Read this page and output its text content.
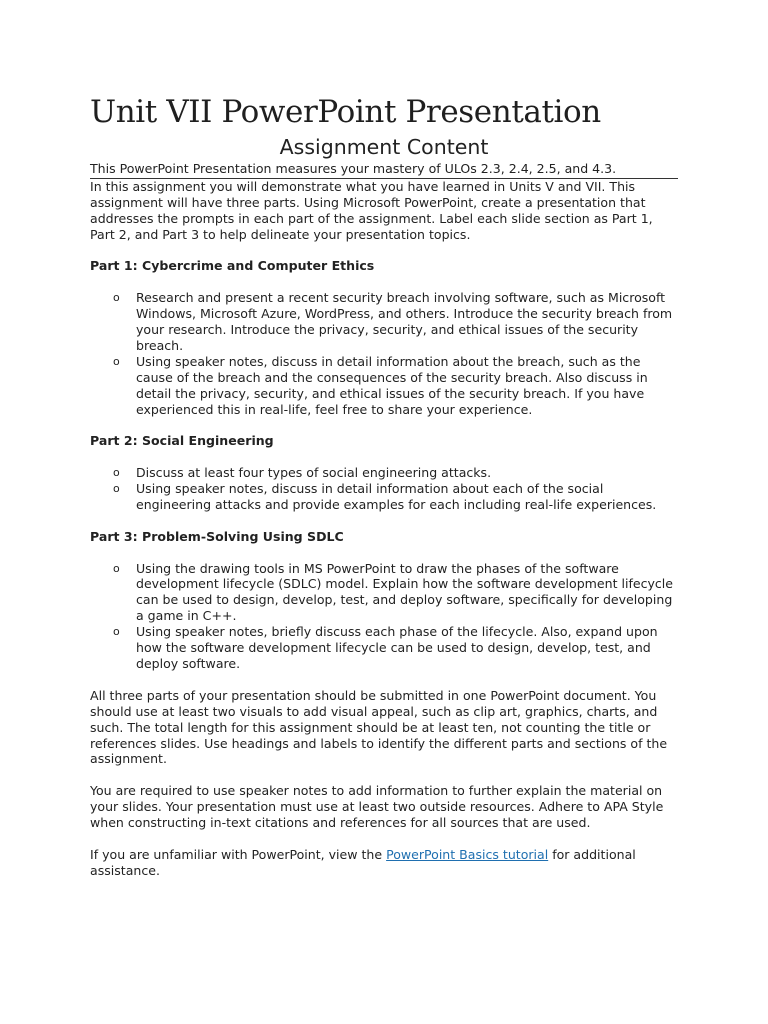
Unit VII PowerPoint Presentation
Assignment Content

This PowerPoint Presentation measures your mastery of ULOs 2.3, 2.4, 2.5, and 4.3.

In this assignment you will demonstrate what you have learned in Units V and VII. This assignment will have three parts. Using Microsoft PowerPoint, create a presentation that addresses the prompts in each part of the assignment. Label each slide section as Part 1, Part 2, and Part 3 to help delineate your presentation topics.

Part 1: Cybercrime and Computer Ethics

o Research and present a recent security breach involving software, such as Microsoft Windows, Microsoft Azure, WordPress, and others. Introduce the security breach from your research. Introduce the privacy, security, and ethical issues of the security breach.
o Using speaker notes, discuss in detail information about the breach, such as the cause of the breach and the consequences of the security breach. Also discuss in detail the privacy, security, and ethical issues of the security breach. If you have experienced this in real-life, feel free to share your experience.

Part 2: Social Engineering

o Discuss at least four types of social engineering attacks.
o Using speaker notes, discuss in detail information about each of the social engineering attacks and provide examples for each including real-life experiences.

Part 3: Problem-Solving Using SDLC

o Using the drawing tools in MS PowerPoint to draw the phases of the software development lifecycle (SDLC) model. Explain how the software development lifecycle can be used to design, develop, test, and deploy software, specifically for developing a game in C++.
o Using speaker notes, briefly discuss each phase of the lifecycle. Also, expand upon how the software development lifecycle can be used to design, develop, test, and deploy software.

All three parts of your presentation should be submitted in one PowerPoint document. You should use at least two visuals to add visual appeal, such as clip art, graphics, charts, and such. The total length for this assignment should be at least ten, not counting the title or references slides. Use headings and labels to identify the different parts and sections of the assignment.

You are required to use speaker notes to add information to further explain the material on your slides. Your presentation must use at least two outside resources. Adhere to APA Style when constructing in-text citations and references for all sources that are used.

If you are unfamiliar with PowerPoint, view the PowerPoint Basics tutorial for additional assistance.
